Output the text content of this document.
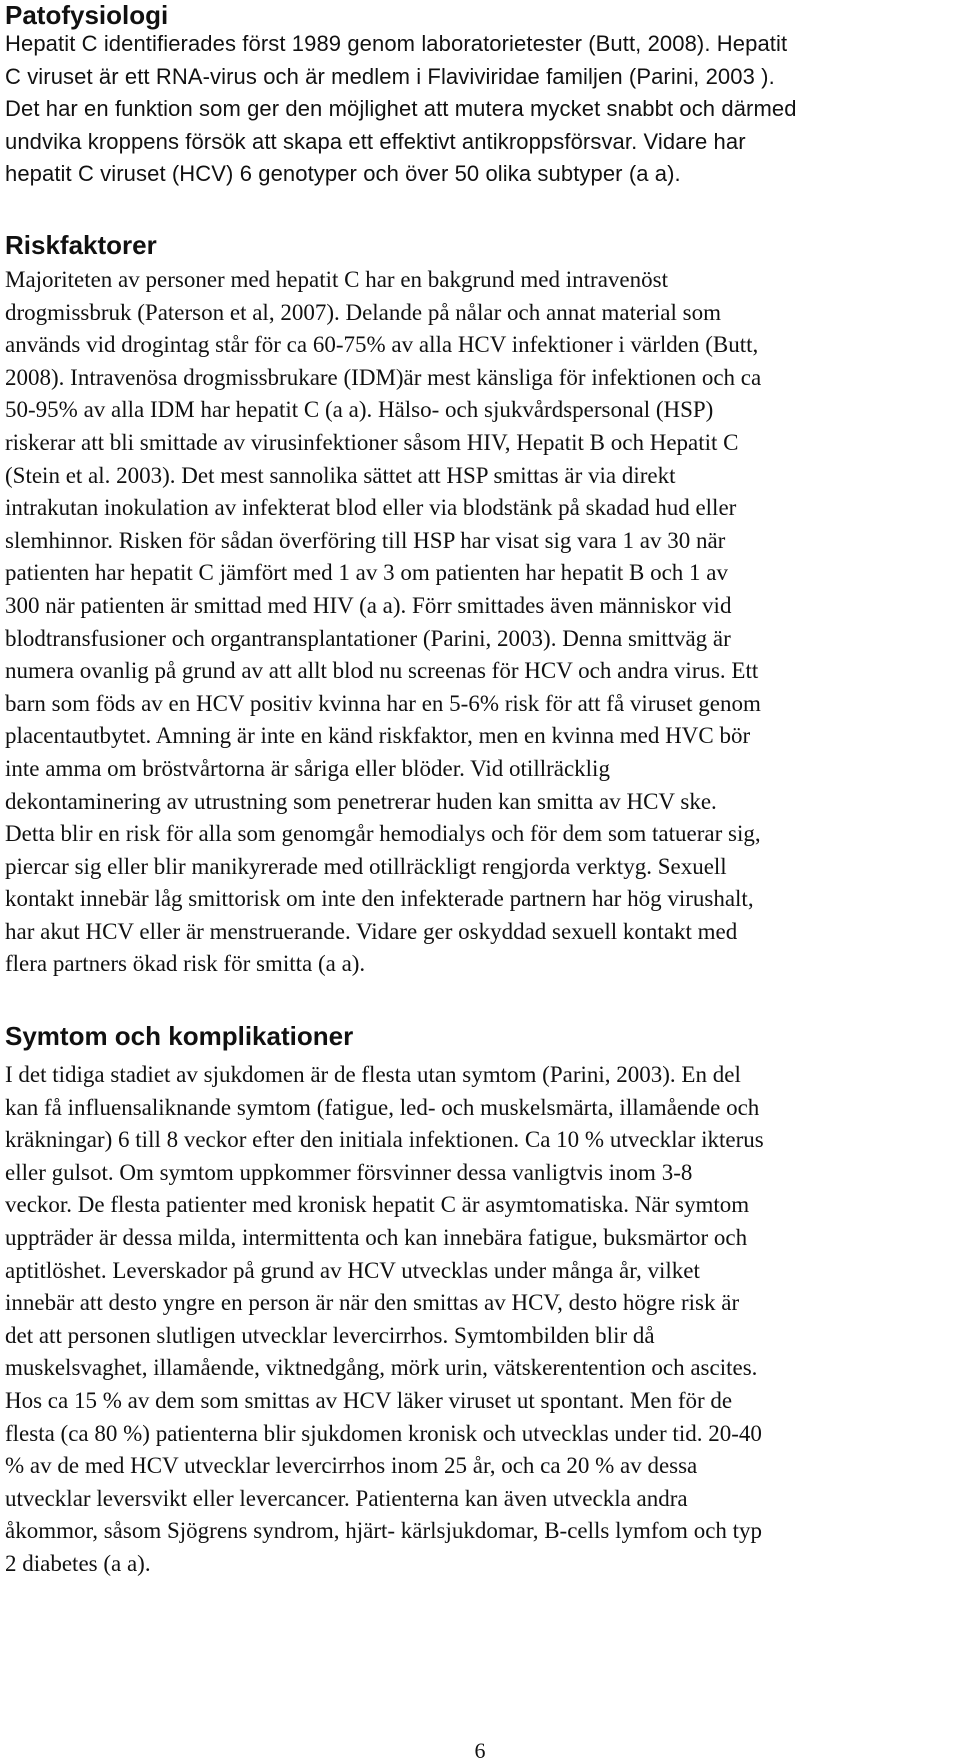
Patofysiologi
Hepatit C identifierades först 1989 genom laboratorietester (Butt, 2008). Hepatit
C viruset är ett RNA-virus och är medlem i Flaviviridae familjen (Parini, 2003 ).
Det har en funktion som ger den möjlighet att mutera mycket snabbt och därmed
undvika kroppens försök att skapa ett effektivt antikroppsförsvar. Vidare har
hepatit C viruset (HCV) 6 genotyper och över 50 olika subtyper (a a).
Riskfaktorer
Majoriteten av personer med hepatit C har en bakgrund med intravenöst
drogmissbruk (Paterson et al, 2007). Delande på nålar och annat material som
används vid drogintag står för ca 60-75% av alla HCV infektioner i världen (Butt,
2008). Intravenösa drogmissbrukare (IDM)är mest känsliga för infektionen och ca
50-95% av alla IDM har hepatit C (a a). Hälso- och sjukvårdspersonal (HSP)
riskerar att bli smittade av virusinfektioner såsom HIV, Hepatit B och Hepatit C
(Stein et al. 2003). Det mest sannolika sättet att HSP smittas är via direkt
intrakutan inokulation av infekterat blod eller via blodstänk på skadad hud eller
slemhinnor. Risken för sådan överföring till HSP har visat sig vara 1 av 30 när
patienten har hepatit C jämfört med 1 av 3 om patienten har hepatit B och 1 av
300 när patienten är smittad med HIV (a a). Förr smittades även människor vid
blodtransfusioner och organtransplantationer (Parini, 2003). Denna smittväg är
numera ovanlig på grund av att allt blod nu screenas för HCV och andra virus. Ett
barn som föds av en HCV positiv kvinna har en 5-6% risk för att få viruset genom
placentautbytet. Amning är inte en känd riskfaktor, men en kvinna med HVC bör
inte amma om bröstvårtorna är såriga eller blöder. Vid otillräcklig
dekontaminering av utrustning som penetrerar huden kan smitta av HCV ske.
Detta blir en risk för alla som genomgår hemodialys och för dem som tatuerar sig,
piercar sig eller blir manikyrerade med otillräckligt rengjorda verktyg. Sexuell
kontakt innebär låg smittorisk om inte den infekterade partnern har hög virushalt,
har akut HCV eller är menstruerande. Vidare ger oskyddad sexuell kontakt med
flera partners ökad risk för smitta (a a).
Symtom och komplikationer
I det tidiga stadiet av sjukdomen är de flesta utan symtom (Parini, 2003). En del
kan få influensaliknande symtom (fatigue, led- och muskelsmärta, illamående och
kräkningar) 6 till 8 veckor efter den initiala infektionen. Ca 10 % utvecklar ikterus
eller gulsot. Om symtom uppkommer försvinner dessa vanligtvis inom 3-8
veckor. De flesta patienter med kronisk hepatit C är asymtomatiska. När symtom
uppträder är dessa milda, intermittenta och kan innebära fatigue, buksmärtor och
aptitlöshet. Leverskador på grund av HCV utvecklas under många år, vilket
innebär att desto yngre en person är när den smittas av HCV, desto högre risk är
det att personen slutligen utvecklar levercirrhos. Symtombilden blir då
muskelsvaghet, illamående, viktnedgång, mörk urin, vätskerentention och ascites.
Hos ca 15 % av dem som smittas av HCV läker viruset ut spontant. Men för de
flesta (ca 80 %) patienterna blir sjukdomen kronisk och utvecklas under tid. 20-40
% av de med HCV utvecklar levercirrhos inom 25 år, och ca 20 % av dessa
utvecklar leversvikt eller levercancer. Patienterna kan även utveckla andra
åkommor, såsom Sjögrens syndrom, hjärt- kärlsjukdomar, B-cells lymfom och typ
2 diabetes (a a).
6
